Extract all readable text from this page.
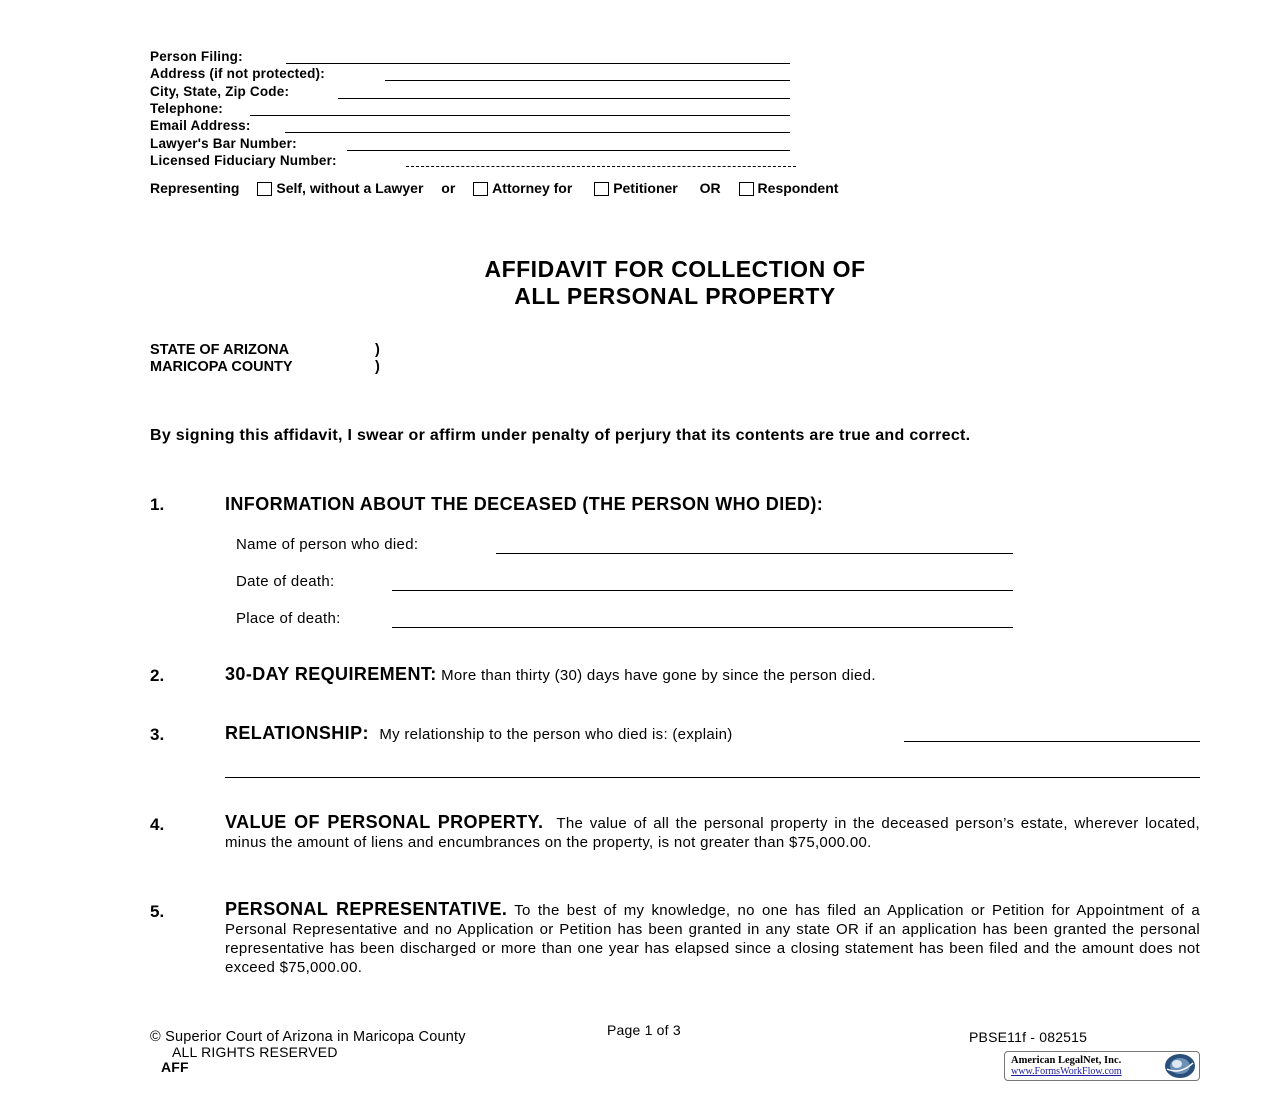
Person Filing:
Address (if not protected):
City, State, Zip Code:
Telephone:
Email Address:
Lawyer's Bar Number:
Licensed Fiduciary Number:
Representing	Self, without a Lawyer or	Attorney for	Petitioner OR	Respondent
AFFIDAVIT FOR COLLECTION OF
ALL PERSONAL PROPERTY
STATE OF ARIZONA	)
MARICOPA COUNTY	)
By signing this affidavit, I swear or affirm under penalty of perjury that its contents are true and correct.
1.	INFORMATION ABOUT THE DECEASED (THE PERSON WHO DIED):
Name of person who died:
Date of death:
Place of death:
2.	30-DAY REQUIREMENT: More than thirty (30) days have gone by since the person died.
3.	RELATIONSHIP: My relationship to the person who died is: (explain)
4.	VALUE OF PERSONAL PROPERTY. The value of all the personal property in the deceased person’s estate, wherever located, minus the amount of liens and encumbrances on the property, is not greater than $75,000.00.
5.	PERSONAL REPRESENTATIVE. To the best of my knowledge, no one has filed an Application or Petition for Appointment of a Personal Representative and no Application or Petition has been granted in any state OR if an application has been granted the personal representative has been discharged or more than one year has elapsed since a closing statement has been filed and the amount does not exceed $75,000.00.
© Superior Court of Arizona in Maricopa County
ALL RIGHTS RESERVED
AFF
Page 1 of 3	PBSE11f - 082515
American LegalNet, Inc.
www.FormsWorkFlow.com
